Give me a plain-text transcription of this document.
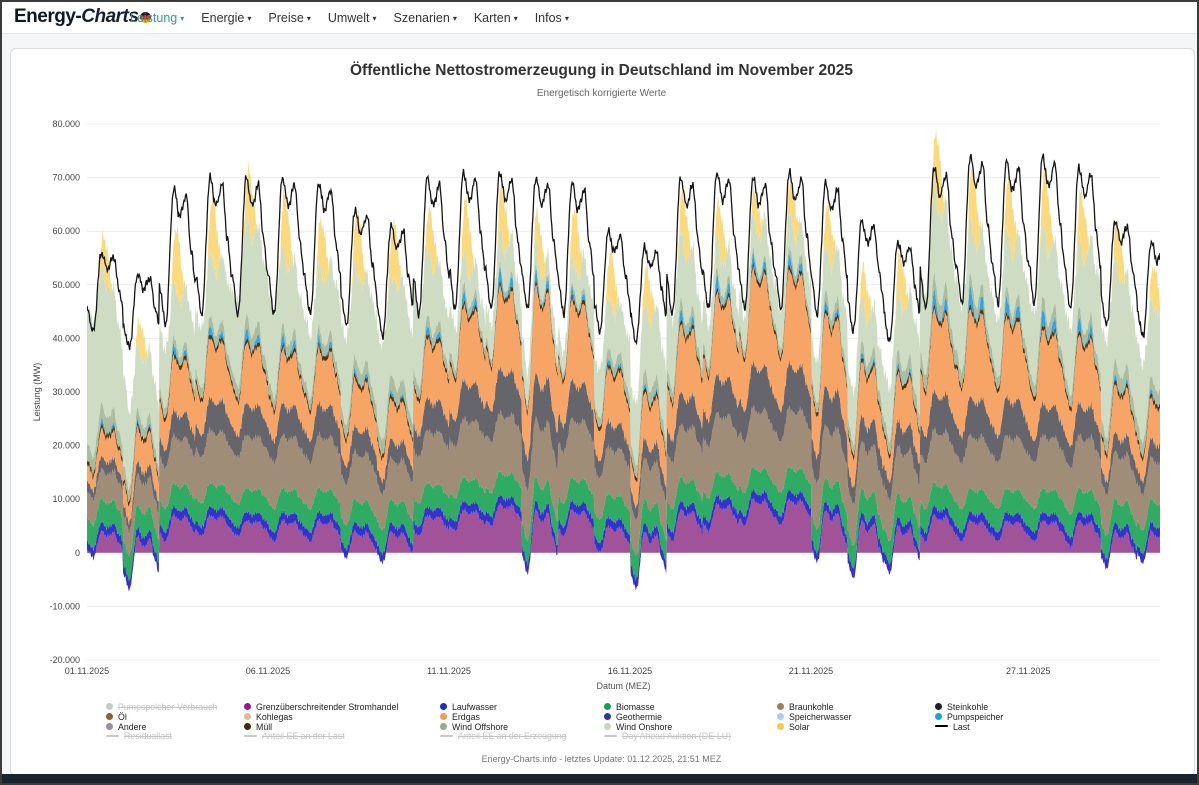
Energy-Charts
Leistung ▾ Energie ▾ Preise ▾ Umwelt ▾ Szenarien ▾ Karten ▾ Infos ▾
Öffentliche Nettostromerzeugung in Deutschland im November 2025
Energetisch korrigierte Werte
80.000
70.000
60.000
50.000
40.000
30.000
20.000
10.000
0
-10.000
-20.000
01.11.2025	06.11.2025	11.11.2025	16.11.2025	21.11.2025	27.11.2025
Datum (MEZ)
Leistung (MW)
Pumpspeicher-Verbrauch
Öl
Andere
Residuallast
Grenzüberschreitender Stromhandel
Kohlegas
Müll
Anteil EE an der Last
Laufwasser
Erdgas
Wind Offshore
Anteil EE an der Erzeugung
Biomasse
Geothermie
Wind Onshore
Day Ahead Auktion (DE-LU)
Braunkohle
Speicherwasser
Solar
Steinkohle
Pumpspeicher
Last
Energy-Charts.info - letztes Update: 01.12.2025, 21:51 MEZ
